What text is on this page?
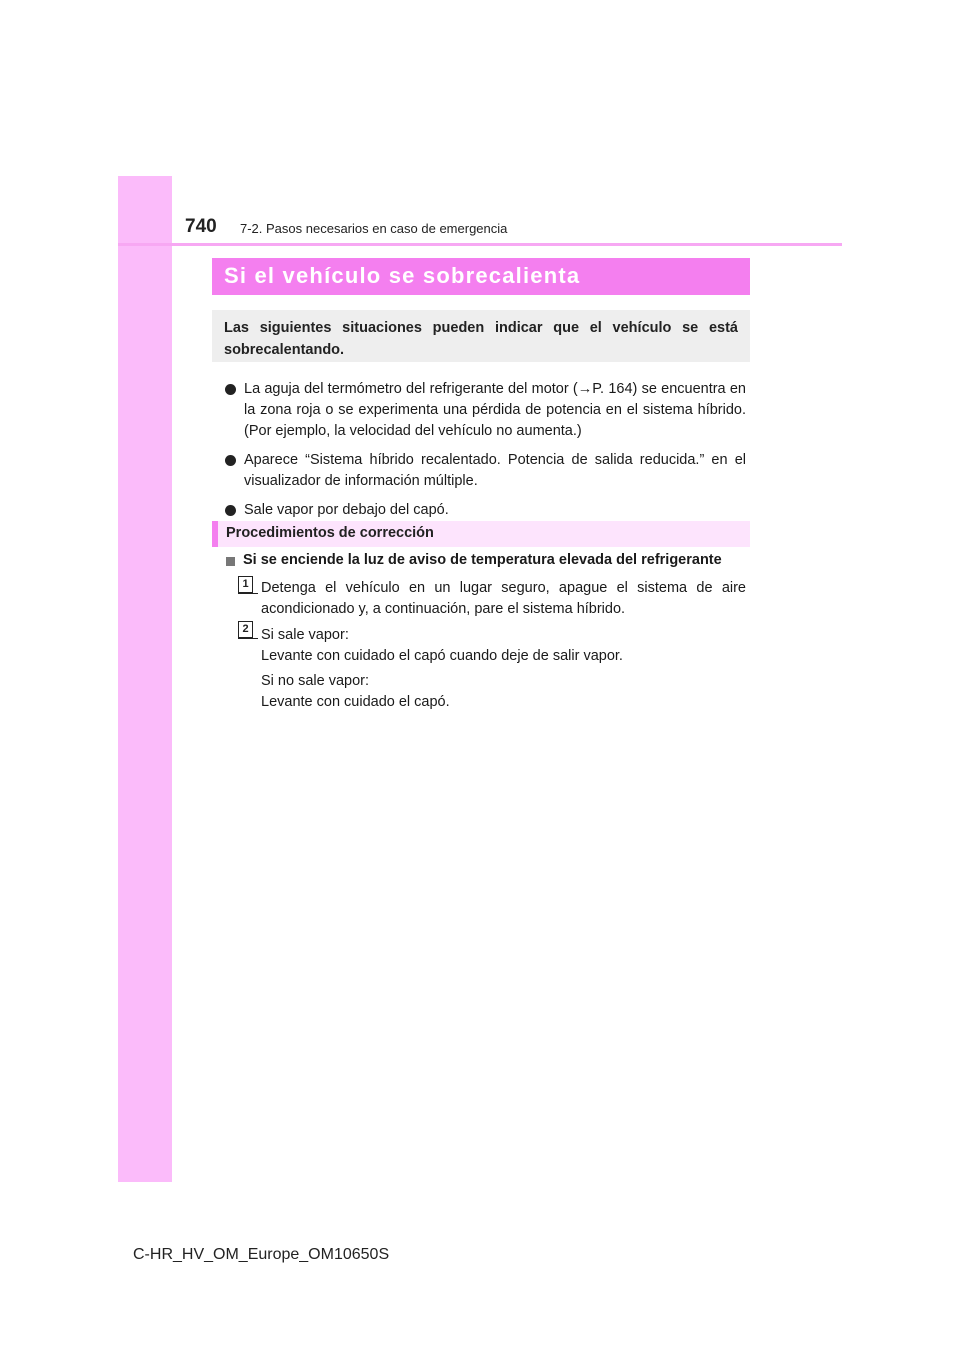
740 7-2. Pasos necesarios en caso de emergencia
Si el vehículo se sobrecalienta
Las siguientes situaciones pueden indicar que el vehículo se está sobrecalentando.
La aguja del termómetro del refrigerante del motor (→P. 164) se encuentra en la zona roja o se experimenta una pérdida de potencia en el sistema híbrido. (Por ejemplo, la velocidad del vehículo no aumenta.)
Aparece “Sistema híbrido recalentado. Potencia de salida reducida.” en el visualizador de información múltiple.
Sale vapor por debajo del capó.
Procedimientos de corrección
Si se enciende la luz de aviso de temperatura elevada del refrigerante
1 Detenga el vehículo en un lugar seguro, apague el sistema de aire acondicionado y, a continuación, pare el sistema híbrido.
2 Si sale vapor:
Levante con cuidado el capó cuando deje de salir vapor.
Si no sale vapor:
Levante con cuidado el capó.
C-HR_HV_OM_Europe_OM10650S
